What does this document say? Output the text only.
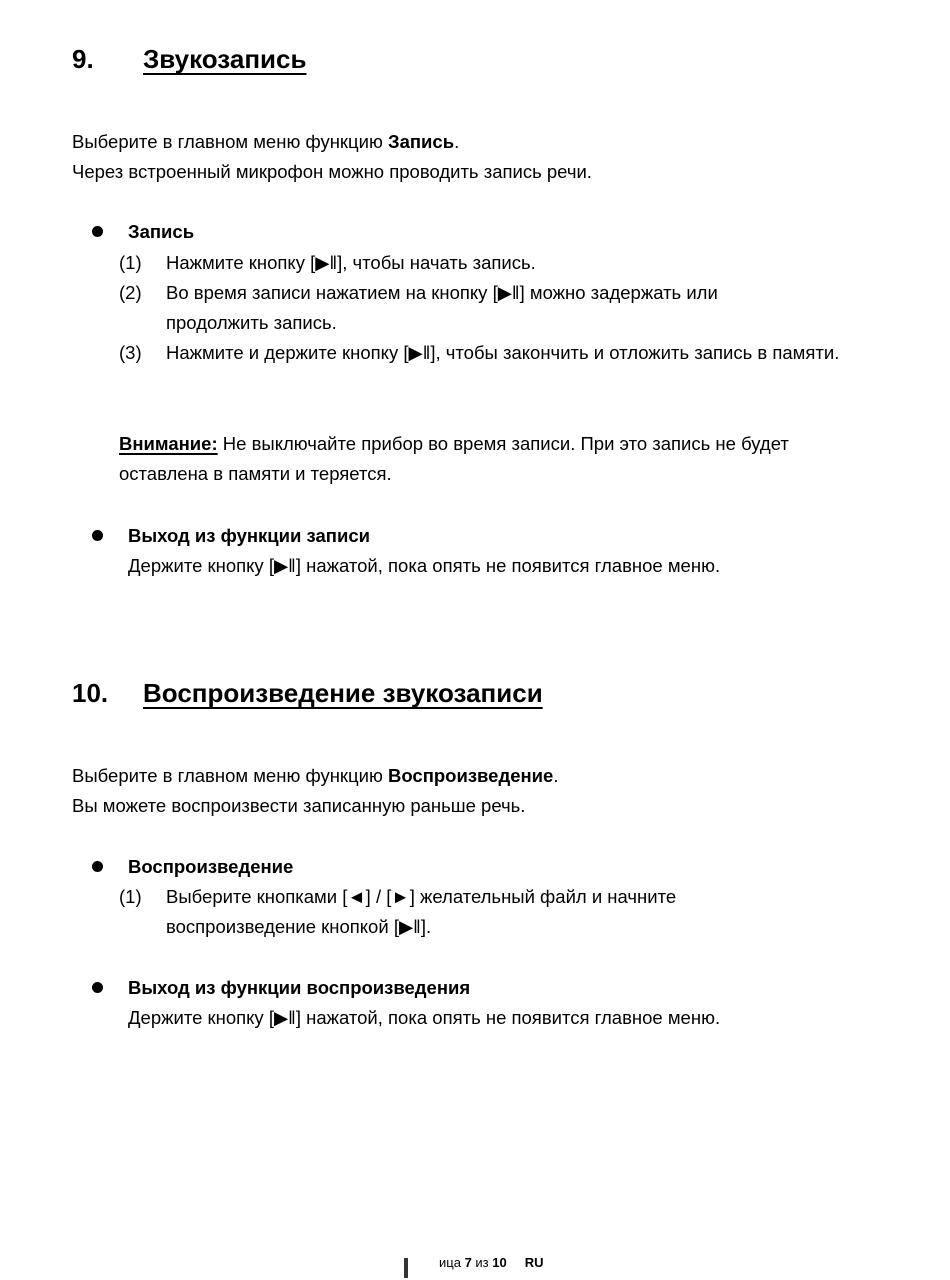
9. Звукозапись
Выберите в главном меню функцию Запись.
Через встроенный микрофон можно проводить запись речи.
Запись
(1) Нажмите кнопку [▶ǁ], чтобы начать запись.
(2) Во время записи нажатием на кнопку [▶ǁ] можно задержать или продолжить запись.
(3) Нажмите и держите кнопку [▶ǁ], чтобы закончить и отложить запись в памяти.
Внимание: Не выключайте прибор во время записи. При это запись не будет оставлена в памяти и теряется.
Выход из функции записи
Держите кнопку [▶ǁ] нажатой, пока опять не появится главное меню.
10. Воспроизведение звукозаписи
Выберите в главном меню функцию Воспроизведение.
Вы можете воспроизвести записанную раньше речь.
Воспроизведение
(1) Выберите кнопками [◄] / [►] желательный файл и начните воспроизведение кнопкой [▶ǁ].
Выход из функции воспроизведения
Держите кнопку [▶ǁ] нажатой, пока опять не появится главное меню.
ица 7 из 10 RU
